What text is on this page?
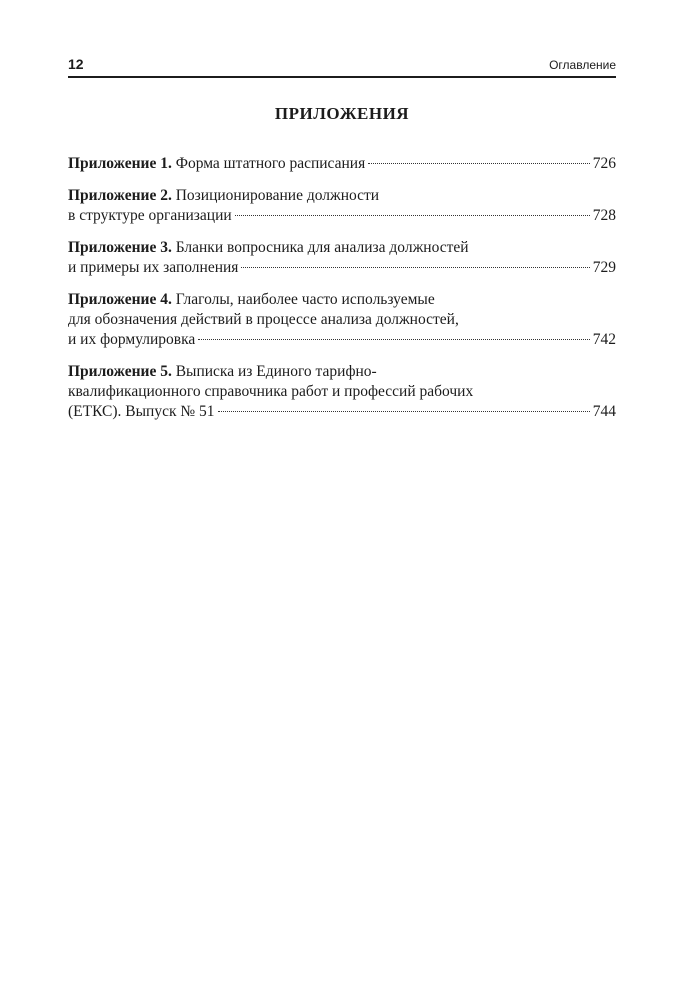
12	Оглавление
ПРИЛОЖЕНИЯ
Приложение 1. Форма штатного расписания	726
Приложение 2. Позиционирование должности
в структуре организации	728
Приложение 3. Бланки вопросника для анализа должностей
и примеры их заполнения	729
Приложение 4. Глаголы, наиболее часто используемые
для обозначения действий в процессе анализа должностей,
и их формулировка	742
Приложение 5. Выписка из Единого тарифно-
квалификационного справочника работ и профессий рабочих
(ЕТКС). Выпуск № 51	744
